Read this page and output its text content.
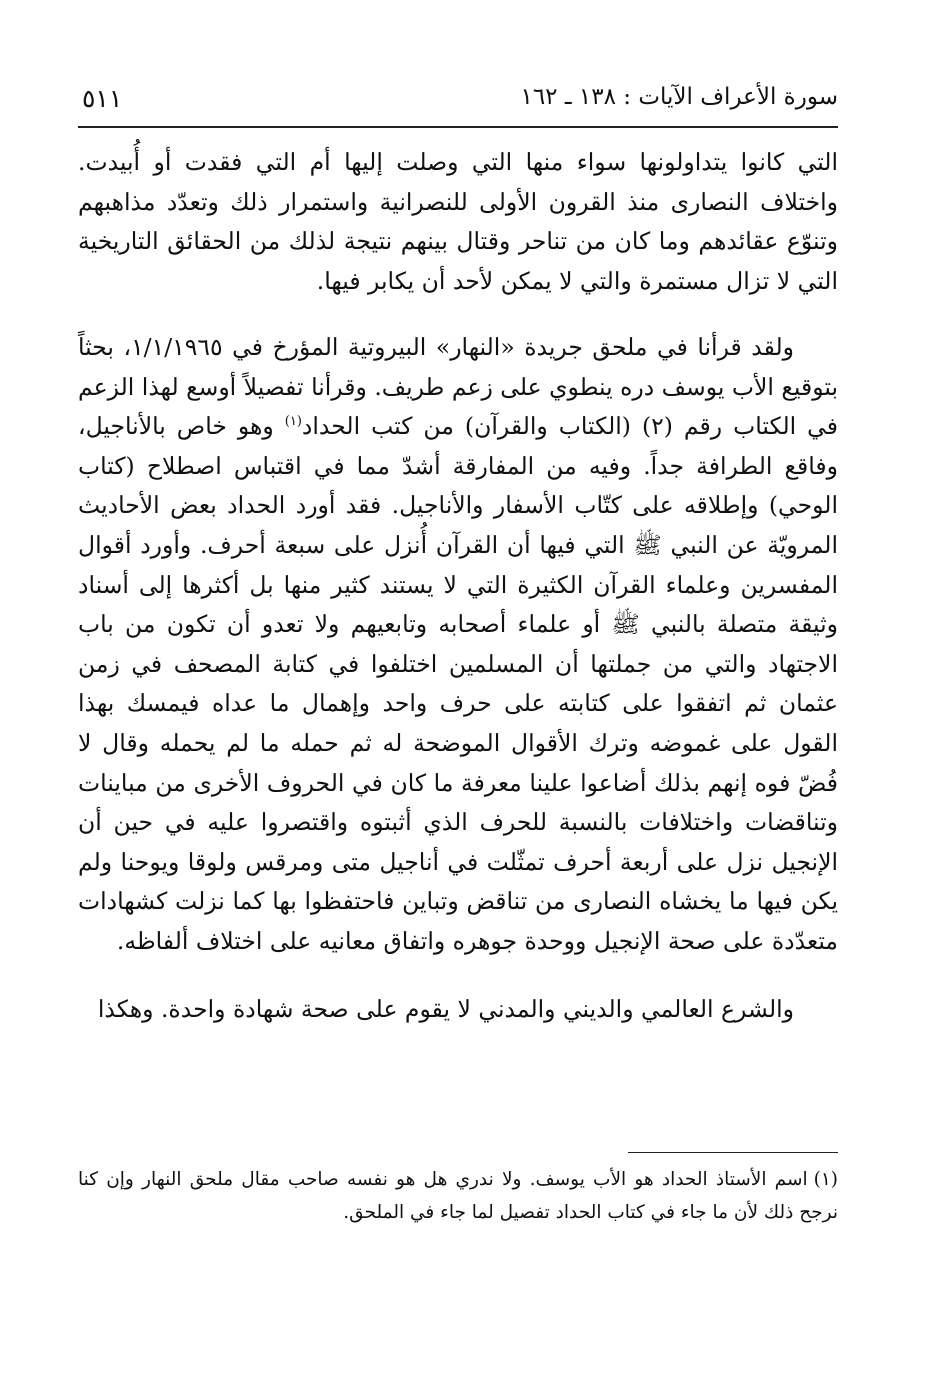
سورة الأعراف الآيات : ١٣٨ ـ ١٦٢
٥١١

التي كانوا يتداولونها سواء منها التي وصلت إليها أم التي فقدت أو أُبيدت. واختلاف النصارى منذ القرون الأولى للنصرانية واستمرار ذلك وتعدّد مذاهبهم وتنوّع عقائدهم وما كان من تناحر وقتال بينهم نتيجة لذلك من الحقائق التاريخية التي لا تزال مستمرة والتي لا يمكن لأحد أن يكابر فيها.

ولقد قرأنا في ملحق جريدة «النهار» البيروتية المؤرخ في ١/١/١٩٦٥، بحثاً بتوقيع الأب يوسف دره ينطوي على زعم طريف. وقرأنا تفصيلاً أوسع لهذا الزعم في الكتاب رقم (٢) (الكتاب والقرآن) من كتب الحداد$^{(١)}$ وهو خاص بالأناجيل، وفاقع الطرافة جداً. وفيه من المفارقة أشدّ مما في اقتباس اصطلاح (كتاب الوحي) وإطلاقه على كتّاب الأسفار والأناجيل. فقد أورد الحداد بعض الأحاديث المرويّة عن النبي ﷺ التي فيها أن القرآن أُنزل على سبعة أحرف. وأورد أقوال المفسرين وعلماء القرآن الكثيرة التي لا يستند كثير منها بل أكثرها إلى أسناد وثيقة متصلة بالنبي ﷺ أو علماء أصحابه وتابعيهم ولا تعدو أن تكون من باب الاجتهاد والتي من جملتها أن المسلمين اختلفوا في كتابة المصحف في زمن عثمان ثم اتفقوا على كتابته على حرف واحد وإهمال ما عداه فيمسك بهذا القول على غموضه وترك الأقوال الموضحة له ثم حمله ما لم يحمله وقال لا فُضّ فوه إنهم بذلك أضاعوا علينا معرفة ما كان في الحروف الأخرى من مباينات وتناقضات واختلافات بالنسبة للحرف الذي أثبتوه واقتصروا عليه في حين أن الإنجيل نزل على أربعة أحرف تمثّلت في أناجيل متى ومرقس ولوقا ويوحنا ولم يكن فيها ما يخشاه النصارى من تناقض وتباين فاحتفظوا بها كما نزلت كشهادات متعدّدة على صحة الإنجيل ووحدة جوهره واتفاق معانيه على اختلاف ألفاظه.

والشرع العالمي والديني والمدني لا يقوم على صحة شهادة واحدة. وهكذا

(١)اسم الأستاذ الحداد هو الأب يوسف. ولا ندري هل هو نفسه صاحب مقال ملحق النهار وإن كنا نرجح ذلك لأن ما جاء في كتاب الحداد تفصيل لما جاء في الملحق.
